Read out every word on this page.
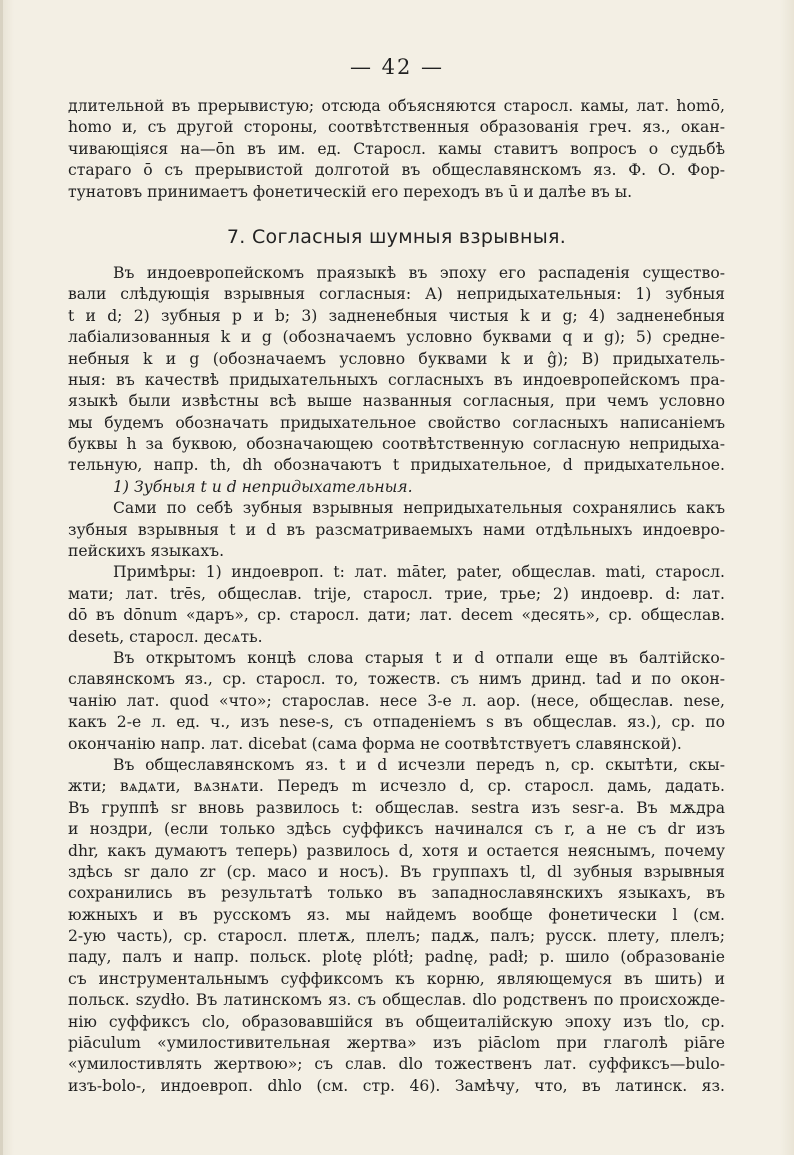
— 42 —
длительной въ прерывистую; отсюда объясняются старосл. камы, лат. homō,
homo и, съ другой стороны, соотвѣтственныя образованія греч. яз., окан-
чивающіяся на—ōn въ им. ед. Старосл. камы ставитъ вопросъ о судьбѣ
стараго ō съ прерывистой долготой въ общеславянскомъ яз. Ф. О. Фор-
тунатовъ принимаетъ фонетическій его переходъ въ ū и далѣе въ ы.
7. Согласныя шумныя взрывныя.
Въ индоевропейскомъ праязыкѣ въ эпоху его распаденія существо-
вали слѣдующія взрывныя согласныя: А) непридыхательныя: 1) зубныя
t и d; 2) зубныя p и b; 3) задненебныя чистыя k и g; 4) задненебныя
лабіализованныя k и g (обозначаемъ условно буквами q и g); 5) средне-
небныя k и g (обозначаемъ условно буквами k и ĝ); B) придыхатель-
ныя: въ качествѣ придыхательныхъ согласныхъ въ индоевропейскомъ пра-
языкѣ были извѣстны всѣ выше названныя согласныя, при чемъ условно
мы будемъ обозначать придыхательное свойство согласныхъ написаніемъ
буквы h за буквою, обозначающею соотвѣтственную согласную непридыха-
тельную, напр. th, dh обозначаютъ t придыхательное, d придыхательное.
1) Зубныя t и d непридыхательныя.
Сами по себѣ зубныя взрывныя непридыхательныя сохранялись какъ
зубныя взрывныя t и d въ разсматриваемыхъ нами отдѣльныхъ индоевро-
пейскихъ языкахъ.
Примѣры: 1) индоевроп. t: лат. māter, pater, общеслав. mati, старосл.
мати; лат. trēs, общеслав. trije, старосл. трие, трье; 2) индоевр. d: лат.
dō въ dōnum «даръ», ср. старосл. дати; лат. decem «десять», ср. общеслав.
desetь, старосл. десѧть.
Въ открытомъ концѣ слова старыя t и d отпали еще въ балтійско-
славянскомъ яз., ср. старосл. то, тожеств. съ нимъ дринд. tad и по окон-
чанію лат. quod «что»; старослав. несе 3-е л. аор. (несе, общеслав. nese,
какъ 2-е л. ед. ч., изъ nese-s, съ отпаденіемъ s въ общеслав. яз.), ср. по
окончанію напр. лат. dicebat (сама форма не соотвѣтствуетъ славянской).
Въ общеславянскомъ яз. t и d исчезли передъ n, ср. скытѣти, скы-
жти; вѧдѧти, вѧзнѧти. Передъ m исчезло d, ср. старосл. дамь, дадать.
Въ группѣ sr вновь развилось t: общеслав. sestra изъ sesr-a. Въ мѫдра
и ноздри, (если только здѣсь суффиксъ начинался съ r, а не съ dr изъ
dhr, какъ думаютъ теперь) развилось d, хотя и остается неяснымъ, почему
здѣсь sr дало zr (ср. масо и носъ). Въ группахъ tl, dl зубныя взрывныя
сохранились въ результатѣ только въ западнославянскихъ языкахъ, въ
южныхъ и въ русскомъ яз. мы найдемъ вообще фонетически l (см.
2-ую часть), ср. старосл. плетѫ, плелъ; падѫ, палъ; русск. плету, плелъ;
паду, палъ и напр. польск. plotę plótł; padnę, padł; р. шило (образованіе
съ инструментальнымъ суффиксомъ къ корню, являющемуся въ шить) и
польск. szydło. Въ латинскомъ яз. съ общеслав. dlo родственъ по происхожде-
нію суффиксъ clo, образовавшійся въ общеиталійскую эпоху изъ tlo, ср.
piāculum «умилостивительная жертва» изъ piāclom при глаголѣ piāre
«умилостивлять жертвою»; съ слав. dlo тожественъ лат. суффиксъ—bulo-
изъ-bolo-, индоевроп. dhlo (см. стр. 46). Замѣчу, что, въ латинск. яз.
